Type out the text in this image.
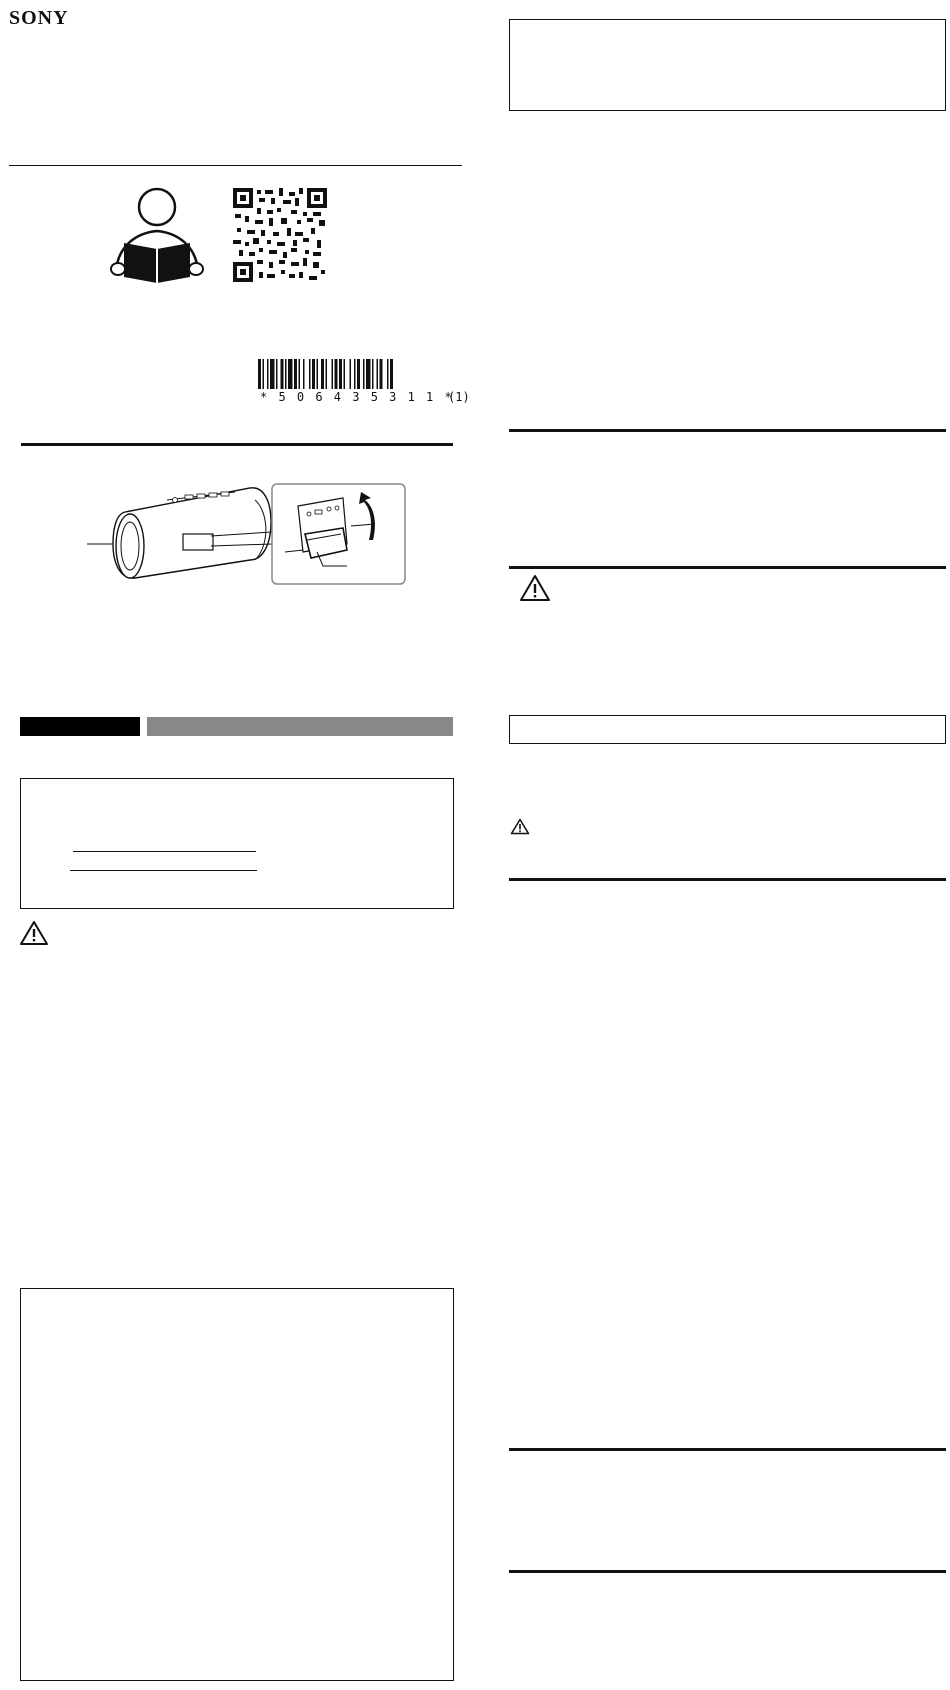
SONY
* 5 0 6 4 3 5 3 1 1 *
(1)
